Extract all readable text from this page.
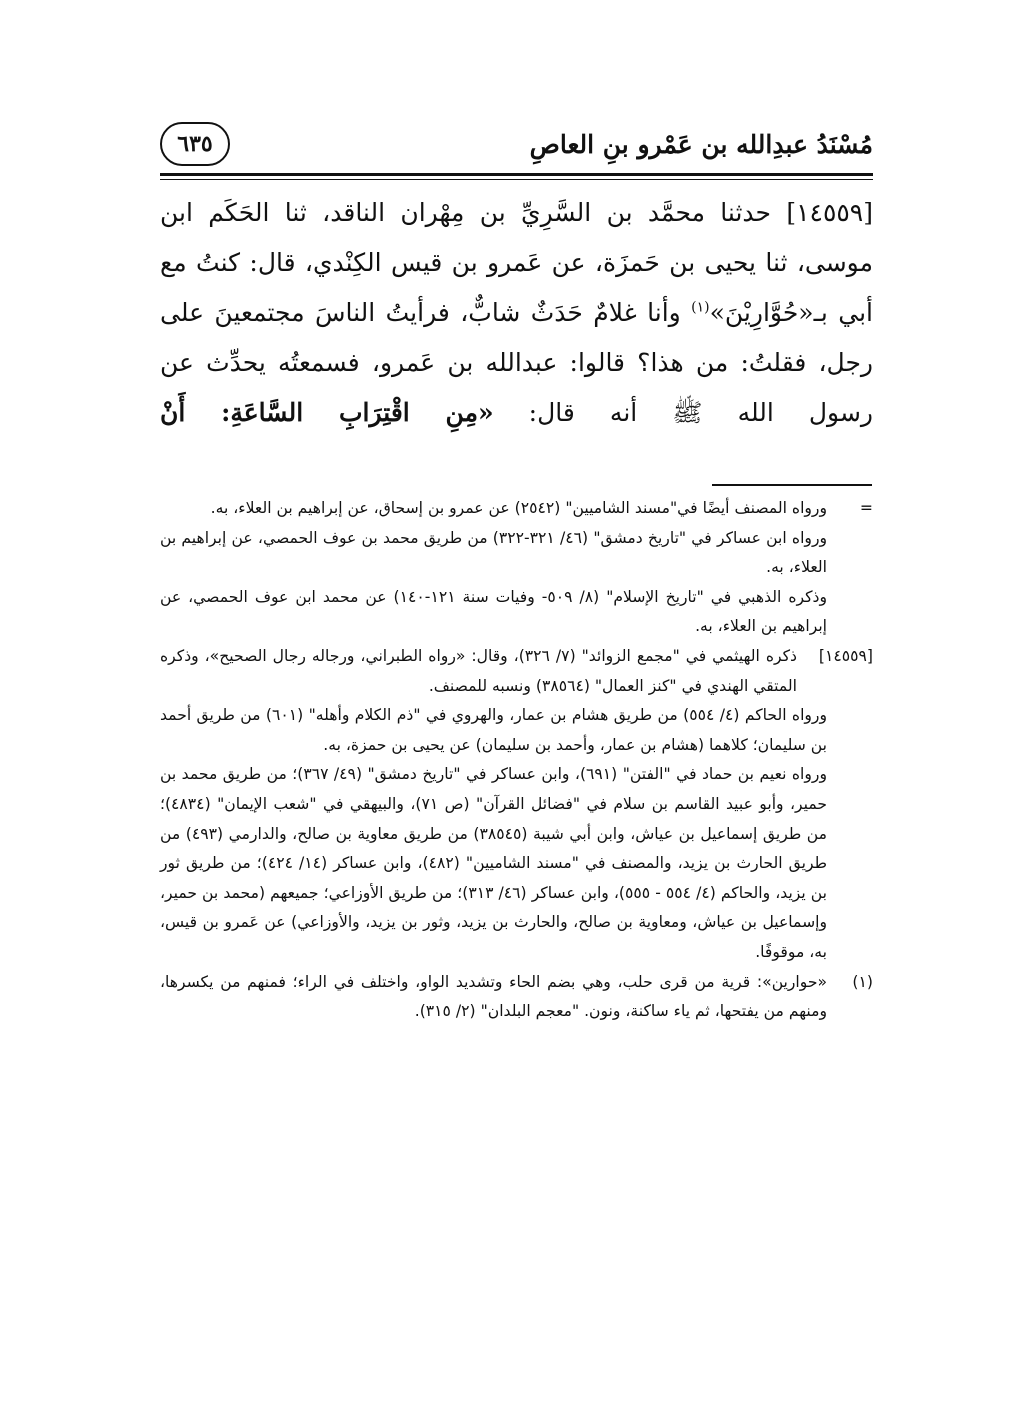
مُسْنَدُ عبدِالله بن عَمْرو بنِ العاصِ
٦٣٥

[١٤٥٥٩] حدثنا محمَّد بن السَّرِيِّ بن مِهْران الناقد، ثنا الحَكَم ابن موسى، ثنا يحيى بن حَمزَة، عن عَمرو بن قيس الكِنْدي، قال: كنتُ مع أبي بـ«حُوَّارِيْنَ»$^{(١)}$ وأنا غلامٌ حَدَثٌ شابٌّ، فرأيتُ الناسَ مجتمعينَ على رجل، فقلتُ: من هذا؟ قالوا: عبدالله بن عَمرو، فسمعتُه يحدِّث عن رسول الله ﷺ أنه قال: «مِنِ اقْتِرَابِ السَّاعَةِ: أَنْ

=

ورواه المصنف أيضًا في"مسند الشاميين" (٢٥٤٢) عن عمرو بن إسحاق، عن إبراهيم بن العلاء، به.

ورواه ابن عساكر في "تاريخ دمشق" (٤٦/ ٣٢١-٣٢٢) من طريق محمد بن عوف الحمصي، عن إبراهيم بن العلاء، به.

وذكره الذهبي في "تاريخ الإسلام" (٨/ ٥٠٩- وفيات سنة ١٢١-١٤٠) عن محمد ابن عوف الحمصي، عن إبراهيم بن العلاء، به.

[١٤٥٥٩]

ذكره الهيثمي في "مجمع الزوائد" (٧/ ٣٢٦)، وقال: «رواه الطبراني، ورجاله رجال الصحيح»، وذكره المتقي الهندي في "كنز العمال" (٣٨٥٦٤) ونسبه للمصنف.

ورواه الحاكم (٤/ ٥٥٤) من طريق هشام بن عمار، والهروي في "ذم الكلام وأهله" (٦٠١) من طريق أحمد بن سليمان؛ كلاهما (هشام بن عمار، وأحمد بن سليمان) عن يحيى بن حمزة، به.

ورواه نعيم بن حماد في "الفتن" (٦٩١)، وابن عساكر في "تاريخ دمشق" (٤٩/ ٣٦٧)؛ من طريق محمد بن حمير، وأبو عبيد القاسم بن سلام في "فضائل القرآن" (ص ٧١)، والبيهقي في "شعب الإيمان" (٤٨٣٤)؛ من طريق إسماعيل بن عياش، وابن أبي شيبة (٣٨٥٤٥) من طريق معاوية بن صالح، والدارمي (٤٩٣) من طريق الحارث بن يزيد، والمصنف في "مسند الشاميين" (٤٨٢)، وابن عساكر (١٤/ ٤٢٤)؛ من طريق ثور بن يزيد، والحاكم (٤/ ٥٥٤ - ٥٥٥)، وابن عساكر (٤٦/ ٣١٣)؛ من طريق الأوزاعي؛ جميعهم (محمد بن حمير، وإسماعيل بن عياش، ومعاوية بن صالح، والحارث بن يزيد، وثور بن يزيد، والأوزاعي) عن عَمرو بن قيس، به، موقوفًا.

(١)

«حوارين»: قرية من قرى حلب، وهي بضم الحاء وتشديد الواو، واختلف في الراء؛ فمنهم من يكسرها، ومنهم من يفتحها، ثم ياء ساكنة، ونون. "معجم البلدان" (٢/ ٣١٥).
